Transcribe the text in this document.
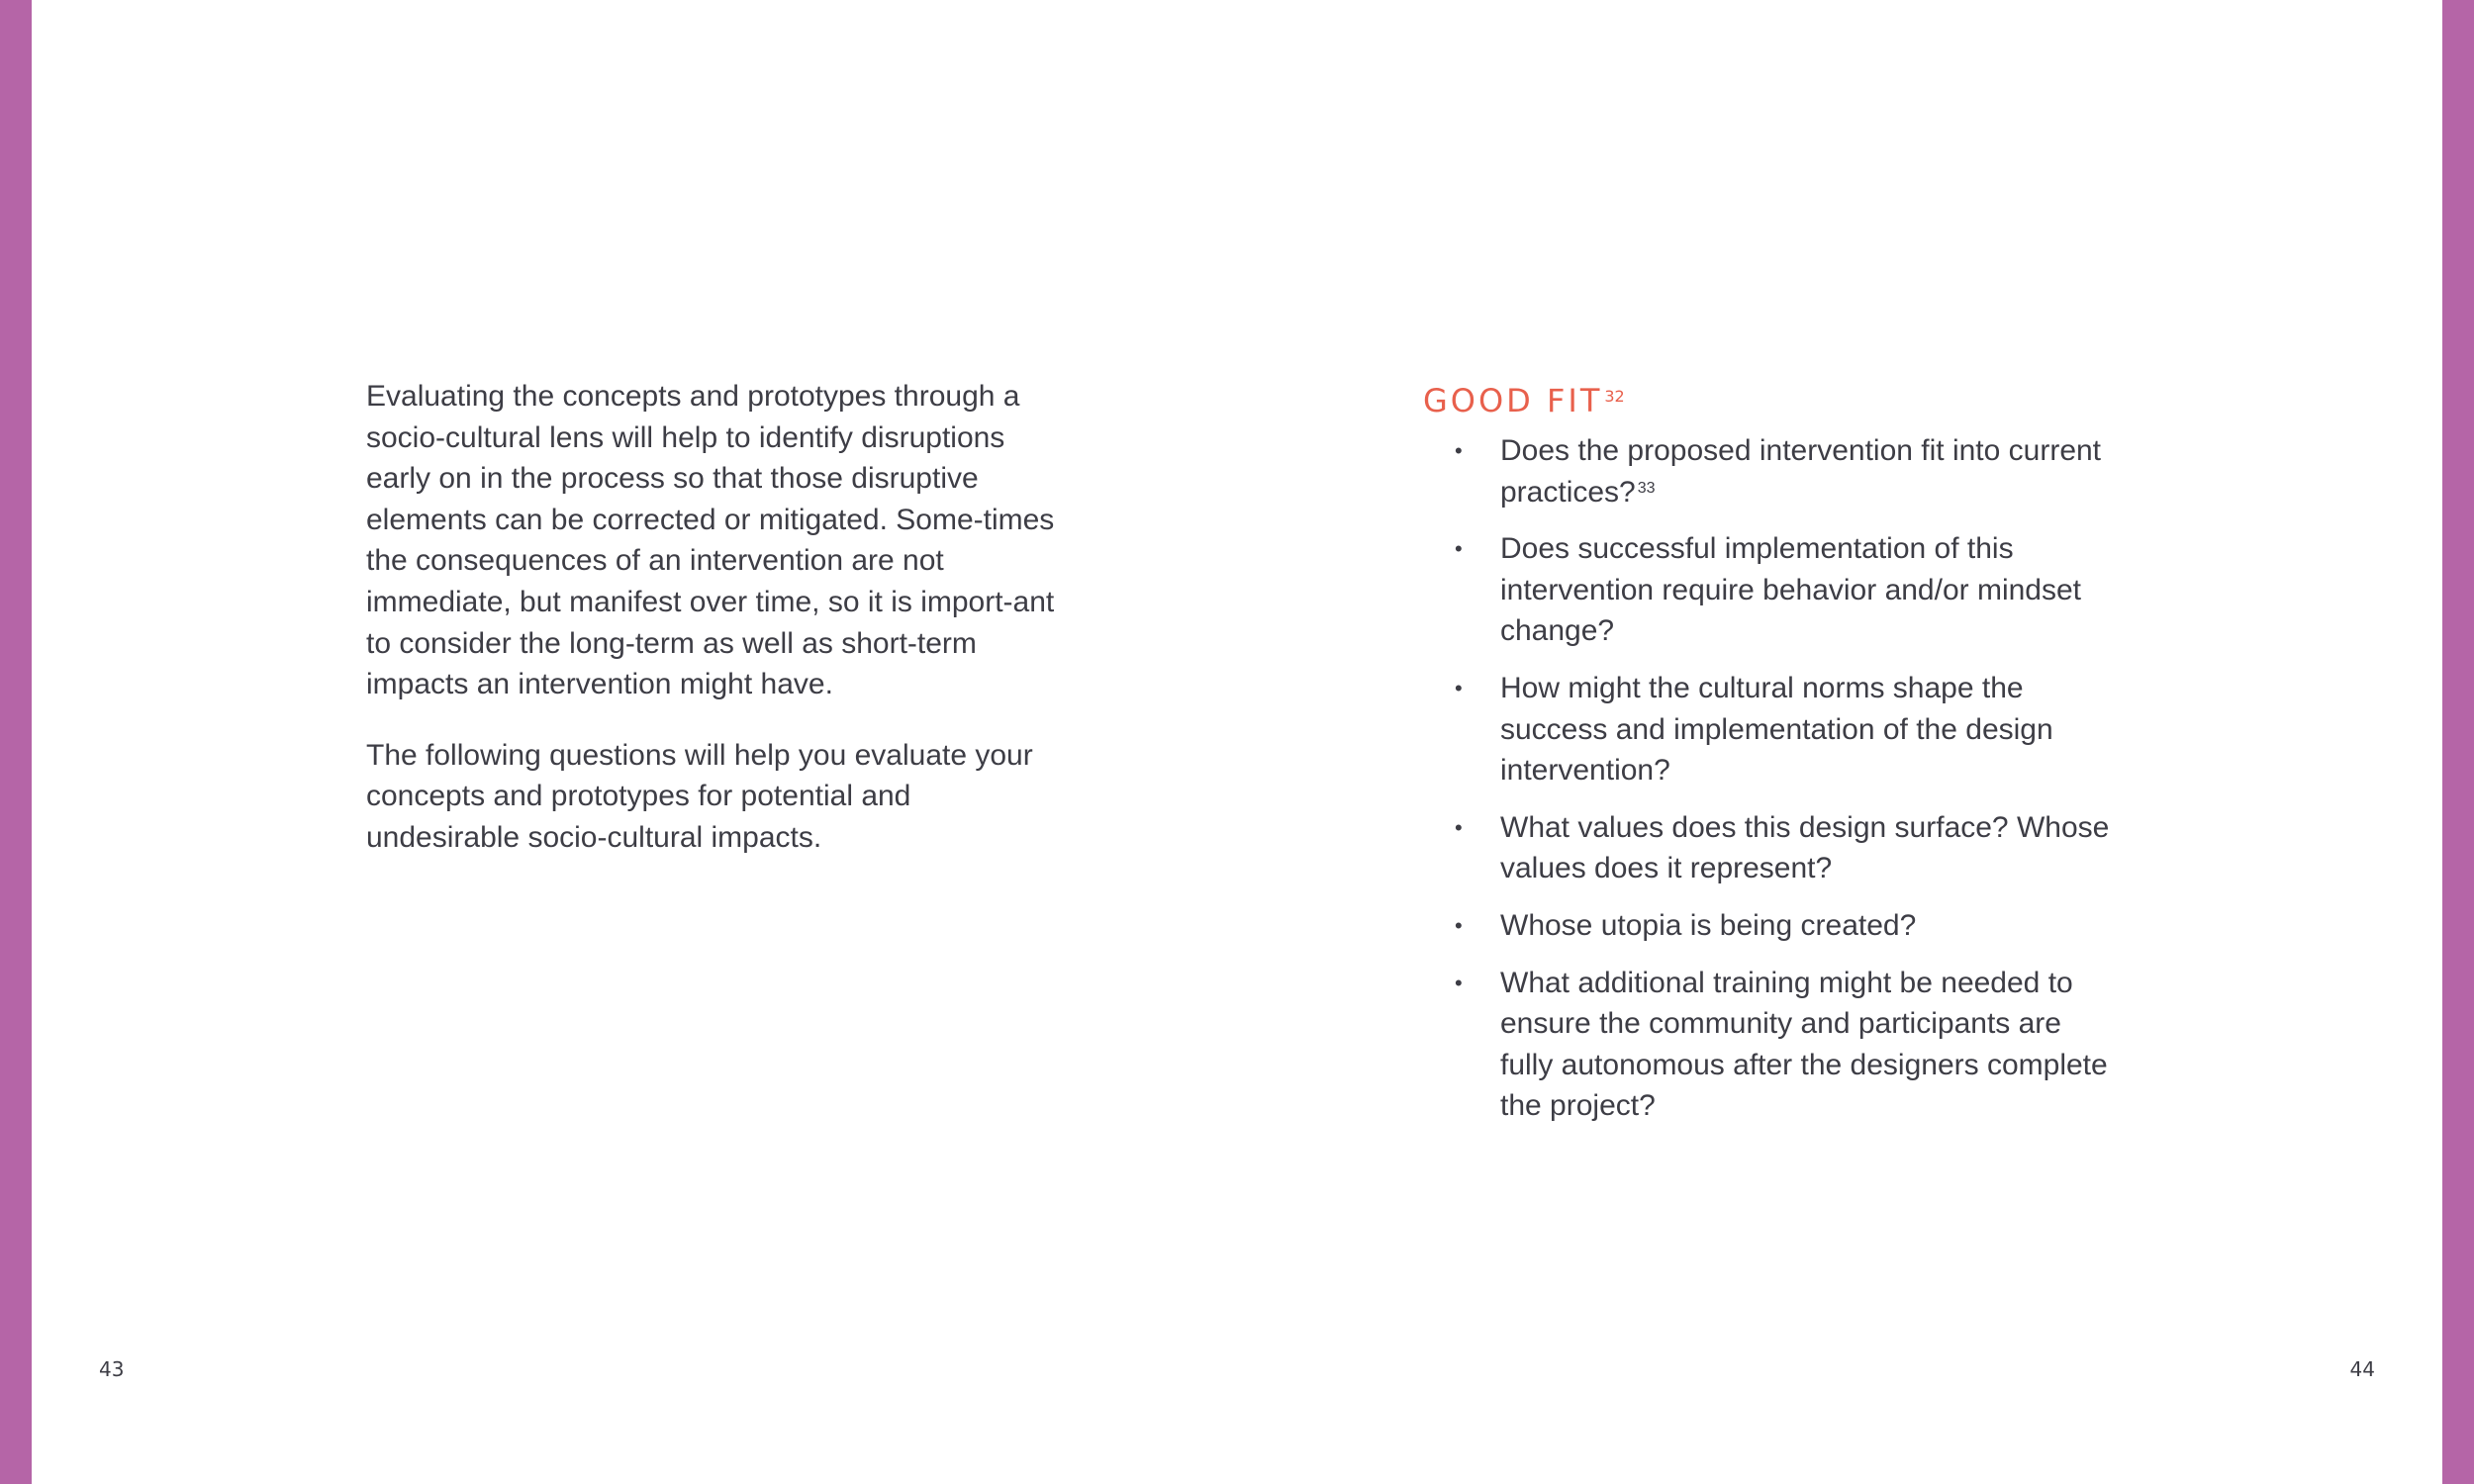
Evaluating the concepts and prototypes through a socio-cultural lens will help to identify disruptions early on in the process so that those disruptive elements can be corrected or mitigated. Some-times the consequences of an intervention are not immediate, but manifest over time, so it is import-ant to consider the long-term as well as short-term impacts an intervention might have.

The following questions will help you evaluate your concepts and prototypes for potential and undesirable socio-cultural impacts.

GOOD FIT $^{32}$
• Does the proposed intervention fit into current practices? $^{33}$
• Does successful implementation of this intervention require behavior and/or mindset change?
• How might the cultural norms shape the success and implementation of the design intervention?
• What values does this design surface? Whose values does it represent?
• Whose utopia is being created?
• What additional training might be needed to ensure the community and participants are fully autonomous after the designers complete the project?
43	44
